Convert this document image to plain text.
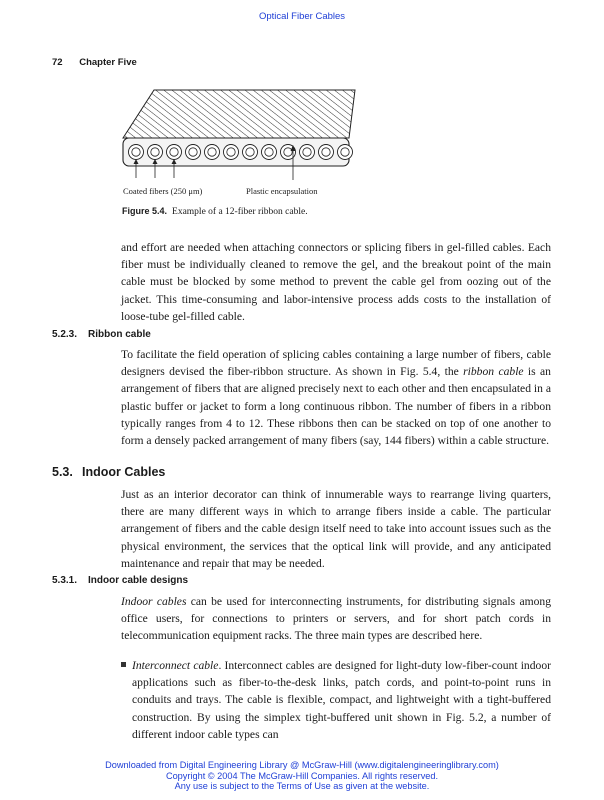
Optical Fiber Cables
72 Chapter Five
Coated fibers (250 μm)	Plastic encapsulation
Figure 5.4. Example of a 12-fiber ribbon cable.
and effort are needed when attaching connectors or splicing fibers in gel-filled cables. Each fiber must be individually cleaned to remove the gel, and the breakout point of the main cable must be blocked by some method to prevent the cable gel from oozing out of the jacket. This time-consuming and labor-intensive process adds costs to the installation of loose-tube gel-filled cable.
5.2.3. Ribbon cable
To facilitate the field operation of splicing cables containing a large number of fibers, cable designers devised the fiber-ribbon structure. As shown in Fig. 5.4, the ribbon cable is an arrangement of fibers that are aligned precisely next to each other and then encapsulated in a plastic buffer or jacket to form a long continuous ribbon. The number of fibers in a ribbon typically ranges from 4 to 12. These ribbons then can be stacked on top of one another to form a densely packed arrangement of many fibers (say, 144 fibers) within a cable structure.
5.3. Indoor Cables
Just as an interior decorator can think of innumerable ways to rearrange living quarters, there are many different ways in which to arrange fibers inside a cable. The particular arrangement of fibers and the cable design itself need to take into account issues such as the physical environment, the services that the optical link will provide, and any anticipated maintenance and repair that may be needed.
5.3.1. Indoor cable designs
Indoor cables can be used for interconnecting instruments, for distributing signals among office users, for connections to printers or servers, and for short patch cords in telecommunication equipment racks. The three main types are described here.
Interconnect cable. Interconnect cables are designed for light-duty low-fiber-count indoor applications such as fiber-to-the-desk links, patch cords, and point-to-point runs in conduits and trays. The cable is flexible, compact, and lightweight with a tight-buffered construction. By using the simplex tight-buffered unit shown in Fig. 5.2, a number of different indoor cable types can
Downloaded from Digital Engineering Library @ McGraw-Hill (www.digitalengineeringlibrary.com)
Copyright © 2004 The McGraw-Hill Companies. All rights reserved.
Any use is subject to the Terms of Use as given at the website.
